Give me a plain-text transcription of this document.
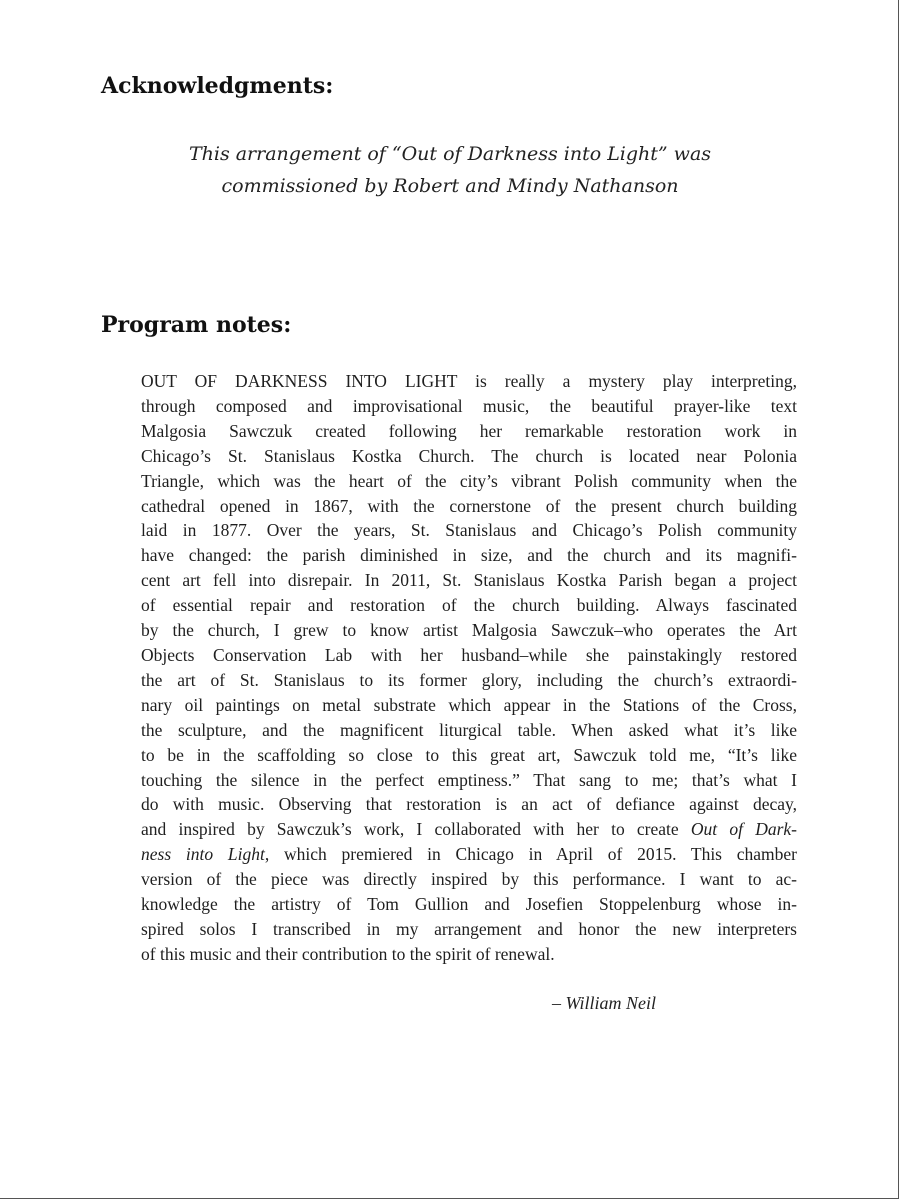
Acknowledgments:
This arrangement of “Out of Darkness into Light” was
commissioned by Robert and Mindy Nathanson
Program notes:
OUT OF DARKNESS INTO LIGHT is really a mystery play interpreting,
through composed and improvisational music, the beautiful prayer-like text
Malgosia Sawczuk created following her remarkable restoration work in
Chicago’s St. Stanislaus Kostka Church. The church is located near Polonia
Triangle, which was the heart of the city’s vibrant Polish community when the
cathedral opened in 1867, with the cornerstone of the present church building
laid in 1877. Over the years, St. Stanislaus and Chicago’s Polish community
have changed: the parish diminished in size, and the church and its magnifi-
cent art fell into disrepair. In 2011, St. Stanislaus Kostka Parish began a project
of essential repair and restoration of the church building. Always fascinated
by the church, I grew to know artist Malgosia Sawczuk–who operates the Art
Objects Conservation Lab with her husband–while she painstakingly restored
the art of St. Stanislaus to its former glory, including the church’s extraordi-
nary oil paintings on metal substrate which appear in the Stations of the Cross,
the sculpture, and the magnificent liturgical table. When asked what it’s like
to be in the scaffolding so close to this great art, Sawczuk told me, “It’s like
touching the silence in the perfect emptiness.” That sang to me; that’s what I
do with music. Observing that restoration is an act of defiance against decay,
and inspired by Sawczuk’s work, I collaborated with her to create Out of Dark-
ness into Light, which premiered in Chicago in April of 2015. This chamber
version of the piece was directly inspired by this performance. I want to ac-
knowledge the artistry of Tom Gullion and Josefien Stoppelenburg whose in-
spired solos I transcribed in my arrangement and honor the new interpreters
of this music and their contribution to the spirit of renewal.
– William Neil
